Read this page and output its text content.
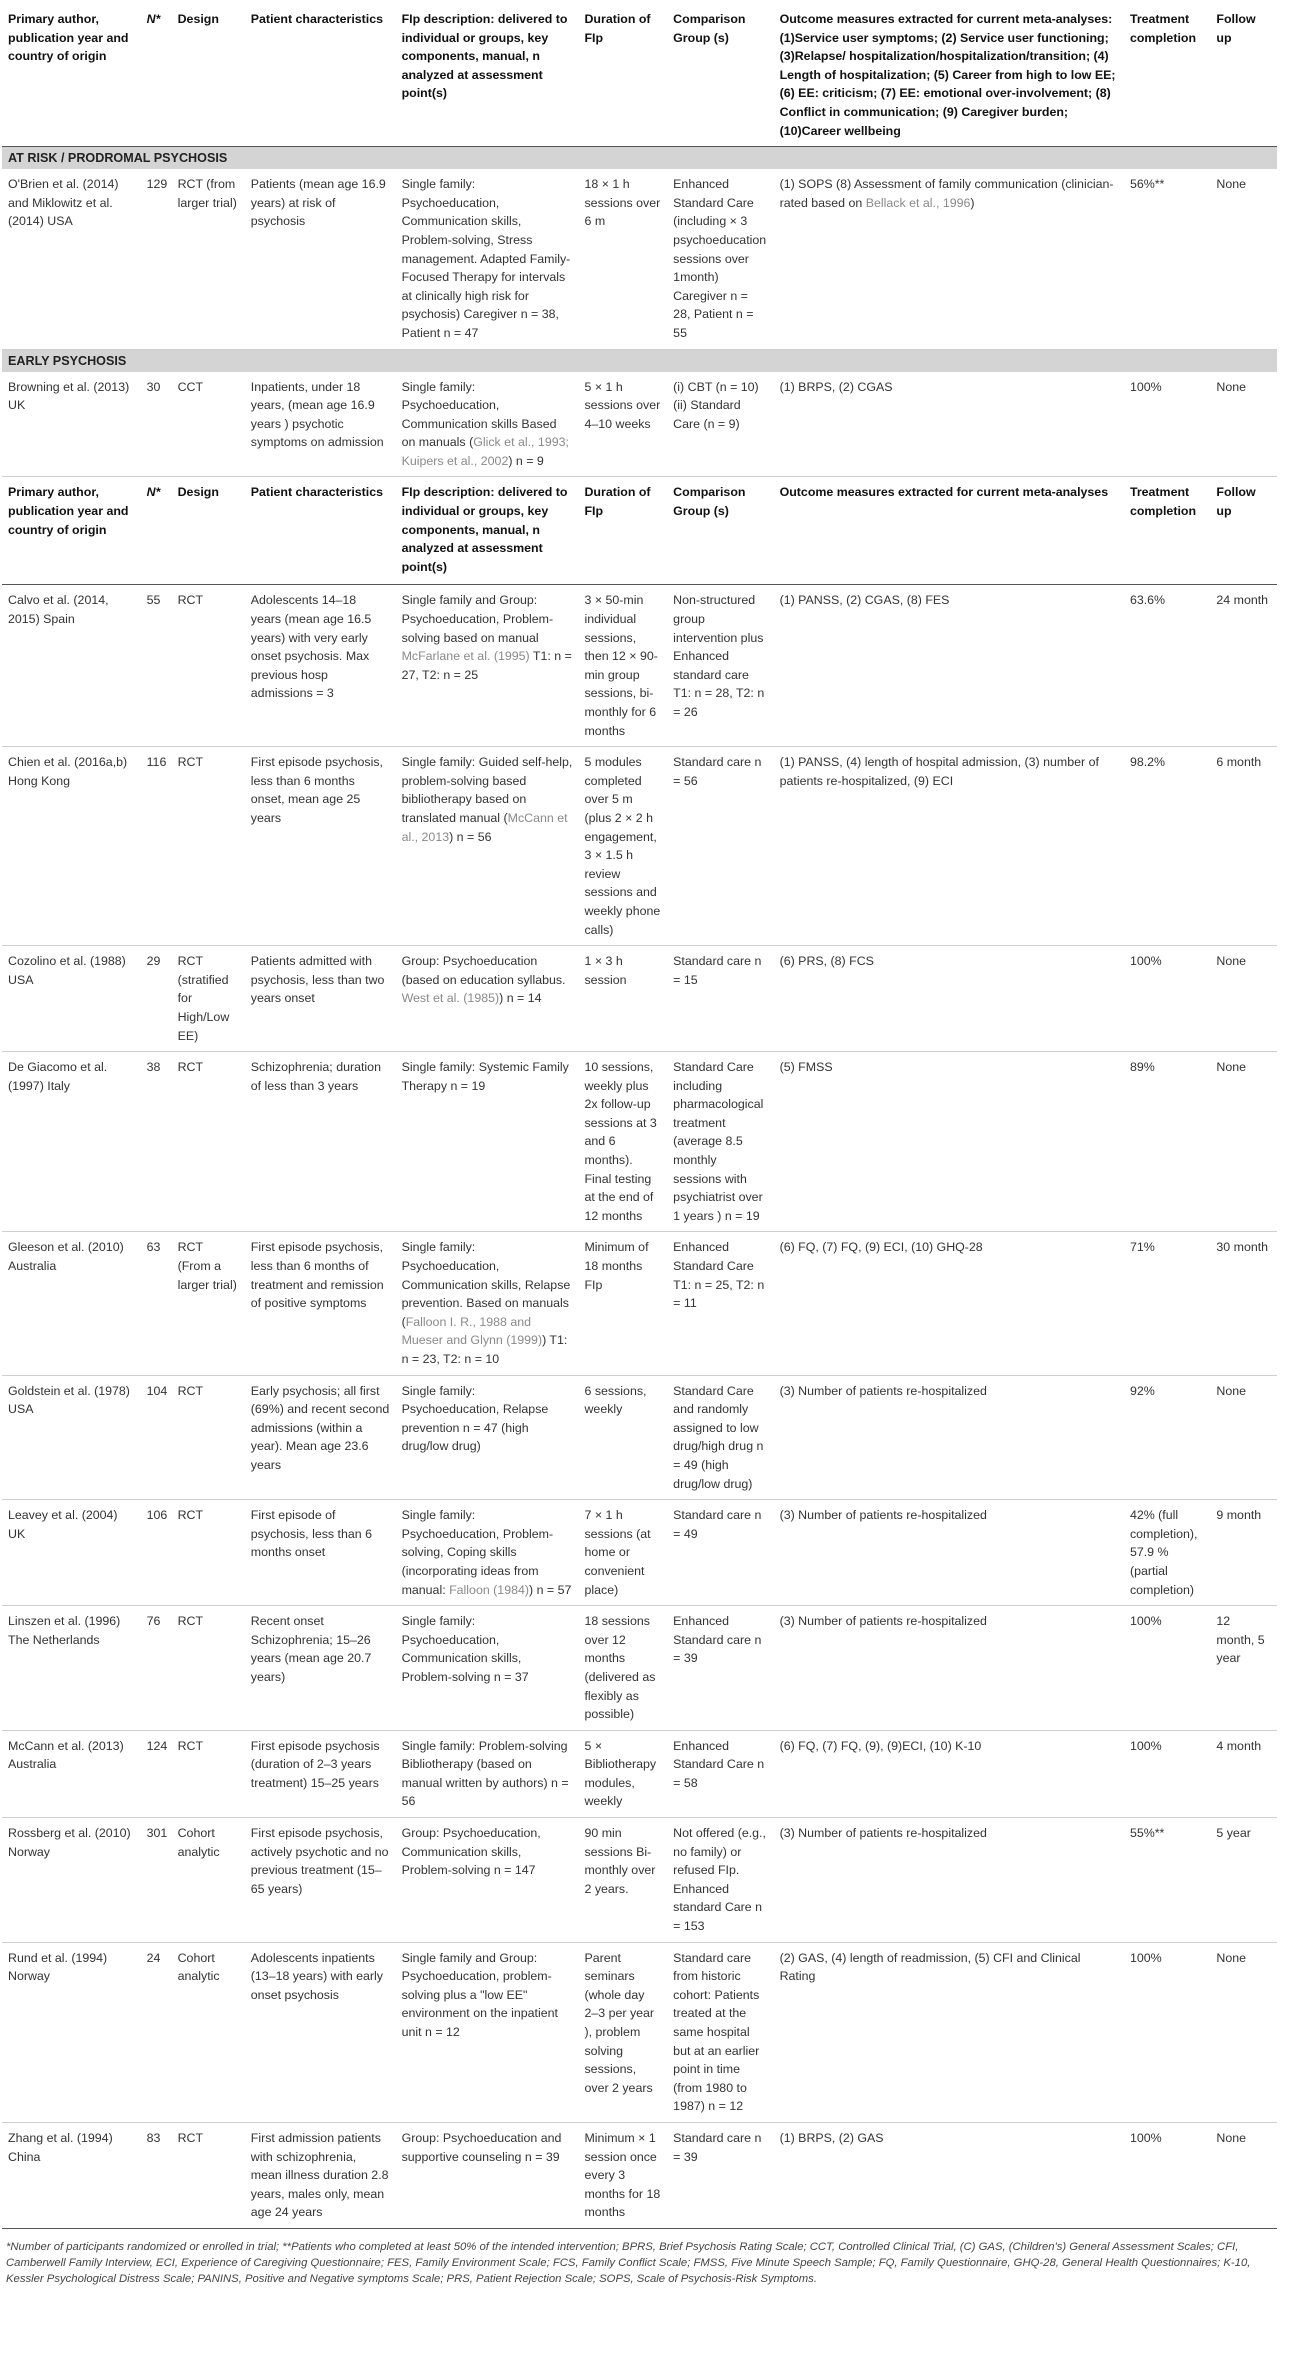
Primary author, publication year and country of origin	N*	Design	Patient characteristics	FIp description: delivered to individual or groups, key components, manual, n analyzed at assessment point(s)	Duration of FIp	Comparison Group (s)	Outcome measures extracted for current meta-analyses: (1)Service user symptoms; (2) Service user functioning; (3)Relapse/ hospitalization/hospitalization/transition; (4) Length of hospitalization; (5) Career from high to low EE; (6) EE: criticism; (7) EE: emotional over-involvement; (8) Conflict in communication; (9) Caregiver burden; (10)Career wellbeing	Treatment completion	Follow up
AT RISK / PRODROMAL PSYCHOSIS									
O'Brien et al. (2014) and Miklowitz et al. (2014) USA	129	RCT (from larger trial)	Patients (mean age 16.9 years) at risk of psychosis	Single family: Psychoeducation, Communication skills, Problem-solving, Stress management. Adapted Family-Focused Therapy for intervals at clinically high risk for psychosis) Caregiver n = 38, Patient n = 47	18 × 1 h sessions over 6 m	Enhanced Standard Care (including × 3 psychoeducation sessions over 1month) Caregiver n = 28, Patient n = 55	(1) SOPS (8) Assessment of family communication (clinician-rated based on Bellack et al., 1996)	56%**	None
EARLY PSYCHOSIS									
Browning et al. (2013) UK	30	CCT	Inpatients, under 18 years, (mean age 16.9 years ) psychotic symptoms on admission	Single family: Psychoeducation, Communication skills Based on manuals (Glick et al., 1993; Kuipers et al., 2002) n = 9	5 × 1 h sessions over 4–10 weeks	(i) CBT (n = 10) (ii) Standard Care (n = 9)	(1) BRPS, (2) CGAS	100%	None
Primary author, publication year and country of origin	N*	Design	Patient characteristics	FIp description: delivered to individual or groups, key components, manual, n analyzed at assessment point(s)	Duration of FIp	Comparison Group (s)	Outcome measures extracted for current meta-analyses	Treatment completion	Follow up
Calvo et al. (2014, 2015) Spain	55	RCT	Adolescents 14–18 years (mean age 16.5 years) with very early onset psychosis. Max previous hosp admissions = 3	Single family and Group: Psychoeducation, Problem-solving based on manual McFarlane et al. (1995) T1: n = 27, T2: n = 25	3 × 50-min individual sessions, then 12 × 90-min group sessions, bi-monthly for 6 months	Non-structured group intervention plus Enhanced standard care T1: n = 28, T2: n = 26	(1) PANSS, (2) CGAS, (8) FES	63.6%	24 month
Chien et al. (2016a,b) Hong Kong	116	RCT	First episode psychosis, less than 6 months onset, mean age 25 years	Single family: Guided self-help, problem-solving based bibliotherapy based on translated manual (McCann et al., 2013) n = 56	5 modules completed over 5 m (plus 2 × 2 h engagement, 3 × 1.5 h review sessions and weekly phone calls)	Standard care n = 56	(1) PANSS, (4) length of hospital admission, (3) number of patients re-hospitalized, (9) ECI	98.2%	6 month
Cozolino et al. (1988) USA	29	RCT (stratified for High/Low EE)	Patients admitted with psychosis, less than two years onset	Group: Psychoeducation (based on education syllabus. West et al. (1985)) n = 14	1 × 3 h session	Standard care n = 15	(6) PRS, (8) FCS	100%	None
De Giacomo et al. (1997) Italy	38	RCT	Schizophrenia; duration of less than 3 years	Single family: Systemic Family Therapy n = 19	10 sessions, weekly plus 2x follow-up sessions at 3 and 6 months). Final testing at the end of 12 months	Standard Care including pharmacological treatment (average 8.5 monthly sessions with psychiatrist over 1 years ) n = 19	(5) FMSS	89%	None
Gleeson et al. (2010) Australia	63	RCT (From a larger trial)	First episode psychosis, less than 6 months of treatment and remission of positive symptoms	Single family: Psychoeducation, Communication skills, Relapse prevention. Based on manuals (Falloon I. R., 1988 and Mueser and Glynn (1999)) T1: n = 23, T2: n = 10	Minimum of 18 months FIp	Enhanced Standard Care T1: n = 25, T2: n = 11	(6) FQ, (7) FQ, (9) ECI, (10) GHQ-28	71%	30 month
Goldstein et al. (1978) USA	104	RCT	Early psychosis; all first (69%) and recent second admissions (within a year). Mean age 23.6 years	Single family: Psychoeducation, Relapse prevention n = 47 (high drug/low drug)	6 sessions, weekly	Standard Care and randomly assigned to low drug/high drug n = 49 (high drug/low drug)	(3) Number of patients re-hospitalized	92%	None
Leavey et al. (2004) UK	106	RCT	First episode of psychosis, less than 6 months onset	Single family: Psychoeducation, Problem-solving, Coping skills (incorporating ideas from manual: Falloon (1984)) n = 57	7 × 1 h sessions (at home or convenient place)	Standard care n = 49	(3) Number of patients re-hospitalized	42% (full completion), 57.9 % (partial completion)	9 month
Linszen et al. (1996) The Netherlands	76	RCT	Recent onset Schizophrenia; 15–26 years (mean age 20.7 years)	Single family: Psychoeducation, Communication skills, Problem-solving n = 37	18 sessions over 12 months (delivered as flexibly as possible)	Enhanced Standard care n = 39	(3) Number of patients re-hospitalized	100%	12 month, 5 year
McCann et al. (2013) Australia	124	RCT	First episode psychosis (duration of 2–3 years treatment) 15–25 years	Single family: Problem-solving Bibliotherapy (based on manual written by authors) n = 56	5 × Bibliotherapy modules, weekly	Enhanced Standard Care n = 58	(6) FQ, (7) FQ, (9), (9)ECI, (10) K-10	100%	4 month
Rossberg et al. (2010) Norway	301	Cohort analytic	First episode psychosis, actively psychotic and no previous treatment (15–65 years)	Group: Psychoeducation, Communication skills, Problem-solving n = 147	90 min sessions Bi-monthly over 2 years.	Not offered (e.g., no family) or refused FIp. Enhanced standard Care n = 153	(3) Number of patients re-hospitalized	55%**	5 year
Rund et al. (1994) Norway	24	Cohort analytic	Adolescents inpatients (13–18 years) with early onset psychosis	Single family and Group: Psychoeducation, problem-solving plus a "low EE" environment on the inpatient unit n = 12	Parent seminars (whole day 2–3 per year ), problem solving sessions, over 2 years	Standard care from historic cohort: Patients treated at the same hospital but at an earlier point in time (from 1980 to 1987) n = 12	(2) GAS, (4) length of readmission, (5) CFI and Clinical Rating	100%	None
Zhang et al. (1994) China	83	RCT	First admission patients with schizophrenia, mean illness duration 2.8 years, males only, mean age 24 years	Group: Psychoeducation and supportive counseling n = 39	Minimum × 1 session once every 3 months for 18 months	Standard care n = 39	(1) BRPS, (2) GAS	100%	None
*Number of participants randomized or enrolled in trial; **Patients who completed at least 50% of the intended intervention; BPRS, Brief Psychosis Rating Scale; CCT, Controlled Clinical Trial, (C) GAS, (Children's) General Assessment Scales; CFI, Camberwell Family Interview, ECI, Experience of Caregiving Questionnaire; FES, Family Environment Scale; FCS, Family Conflict Scale; FMSS, Five Minute Speech Sample; FQ, Family Questionnaire, GHQ-28, General Health Questionnaires; K-10, Kessler Psychological Distress Scale; PANINS, Positive and Negative symptoms Scale; PRS, Patient Rejection Scale; SOPS, Scale of Psychosis-Risk Symptoms.
